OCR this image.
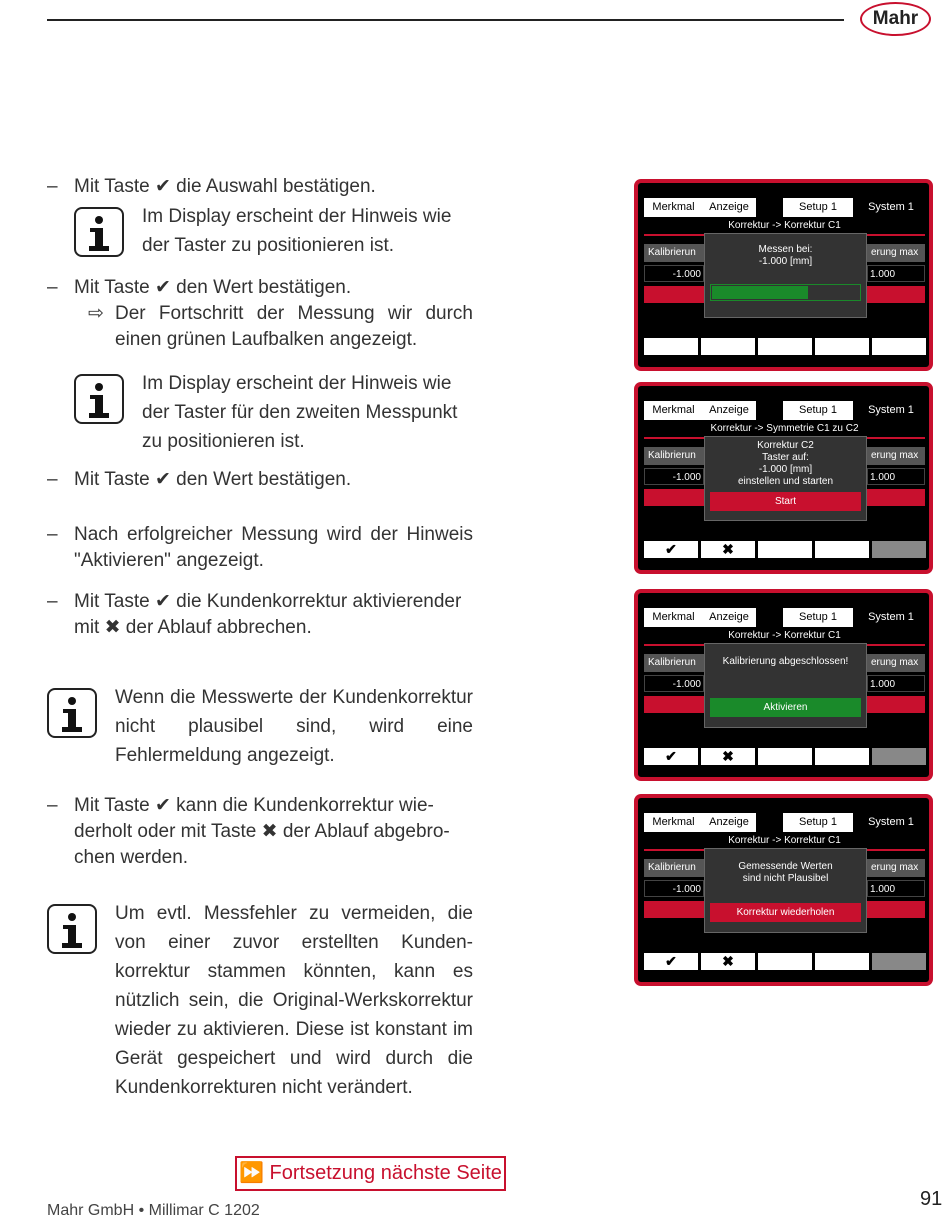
Mahr
– Mit Taste ✔ die Auswahl bestätigen.
Im Display erscheint der Hinweis wie der Taster zu positionieren ist.
– Mit Taste ✔ den Wert bestätigen.
⇨ Der Fortschritt der Messung wir durch einen grünen Laufbalken angezeigt.
Im Display erscheint der Hinweis wie der Taster für den zweiten Messpunkt zu positionieren ist.
– Mit Taste ✔ den Wert bestätigen.
– Nach erfolgreicher Messung wird der Hinweis "Aktivieren" angezeigt.
– Mit Taste ✔ die Kundenkorrektur aktivierender mit ✖ der Ablauf abbrechen.
Wenn die Messwerte der Kundenkorrektur nicht plausibel sind, wird eine Fehlermeldung angezeigt.
– Mit Taste ✔ kann die Kundenkorrektur wiederholt oder mit Taste ✖ der Ablauf abgebrochen werden.
Um evtl. Messfehler zu vermeiden, die von einer zuvor erstellten Kundenkorrektur stammen könnten, kann es nützlich sein, die Original-Werkskorrektur wieder zu aktivieren. Diese ist konstant im Gerät gespeichert und wird durch die Kundenkorrekturen nicht verändert.
Merkmal M1
Anzeige	Setup 1	System 1
Korrektur -> Korrektur C1
Kalibrierun	erung max
-1.000	1.000
Messen bei:
-1.000 [mm]
Merkmal M1
Anzeige	Setup 1	System 1
Korrektur -> Symmetrie C1 zu C2
Kalibrierun	erung max
-1.000	1.000
✔	✖
Korrektur C2
Taster auf:
-1.000 [mm]
einstellen und starten
Start
Merkmal M1
Anzeige	Setup 1	System 1
Korrektur -> Korrektur C1
Kalibrierun	erung max
-1.000	1.000
✔	✖
Kalibrierung abgeschlossen!
Aktivieren
Merkmal D1
Anzeige	Setup 1	System 1
Korrektur -> Korrektur C1
Kalibrierun	erung max
-1.000	1.000
✔	✖
Gemessende Werten
sind nicht Plausibel
Korrektur wiederholen
⏩ Fortsetzung nächste Seite
Mahr GmbH • Millimar C 1202
91
